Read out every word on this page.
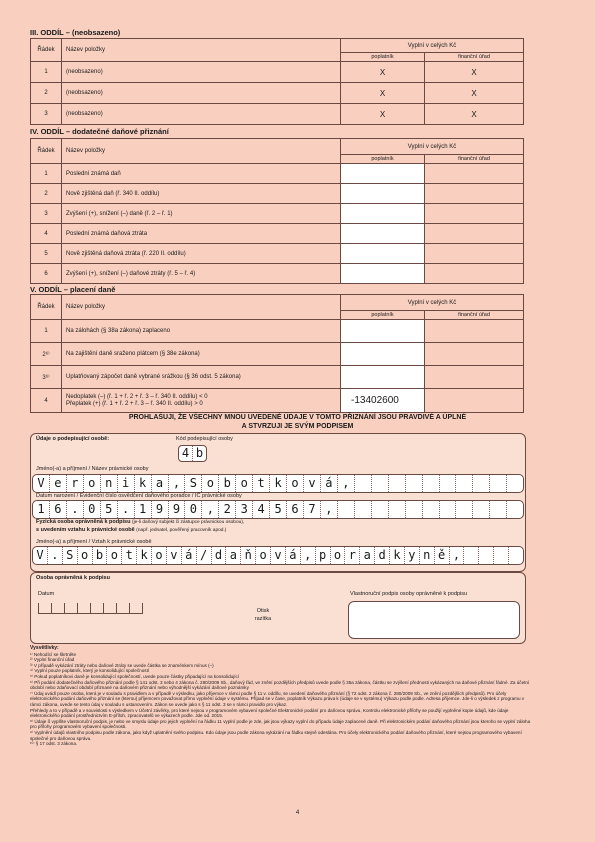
III. ODDÍL – (neobsazeno)
Řádek	Název položky	Vyplní v celých Kč	
		poplatník	finanční úřad
1	(neobsazeno)	X	X
2	(neobsazeno)	X	X
3	(neobsazeno)	X	X
IV. ODDÍL – dodatečné daňové přiznání
Řádek	Název položky	Vyplní v celých Kč	
		poplatník	finanční úřad
1	Poslední známá daň		
2	Nově zjištěná daň (ř. 340 II. oddílu)		
3	Zvýšení (+), snížení (–) daně (ř. 2 – ř. 1)		
4	Poslední známá daňová ztráta		
5	Nově zjištěná daňová ztráta (ř. 220 II. oddílu)		
6	Zvýšení (+), snížení (–) daňové ztráty (ř. 5 – ř. 4)		
V. ODDÍL – placení daně
Řádek	Název položky	Vyplní v celých Kč	
		poplatník	finanční úřad
1	Na zálohách (§ 38a zákona) zaplaceno		
2⁶⁾	Na zajištění daně sraženo plátcem (§ 38e zákona)		
3⁶⁾	Uplatňovaný zápočet daně vybrané srážkou (§ 36 odst. 5 zákona)		
4	Nedoplatek (–) (ř. 1 + ř. 2 + ř. 3 – ř. 340 II. oddílu) < 0
Přeplatek (+) (ř. 1 + ř. 2 + ř. 3 – ř. 340 II. oddílu) > 0	-13402600	
PROHLAŠUJI, ŽE VŠECHNY MNOU UVEDENÉ ÚDAJE V TOMTO PŘIZNÁNÍ JSOU PRAVDIVÉ A ÚPLNÉ
A STVRZUJI JE SVÝM PODPISEM
Údaje o podepisující osobě:	Kód podepisující osoby
4 b
Jméno(-a) a příjmení / Název právnické osoby
V e r o n i k a , S o b o t k o v á ,
Datum narození / Evidenční číslo osvědčení daňového poradce / IČ právnické osoby
1 6 . 0 5 . 1 9 9 0 , 2 3 4 5 6 7 ,
Fyzická osoba oprávněná k podpisu (je-li daňový subjekt či zástupce právnickou osobou),
s uvedením vztahu k právnické osobě (např. jednatel, pověřený pracovník apod.)
Jméno(-a) a příjmení / Vztah k právnické osobě
V . S o b o t k o v á / d a ň o v á , p o r a d k y n ě ,
Osoba oprávněná k podpisu
Datum
Otisk
razítka
Vlastnoruční podpis osoby oprávněné k podpisu
Vysvětlivky:
¹⁾ Nehodící se škrtněte
²⁾ Vyplní finanční úřad
³⁾ V případě vykázání ztráty nebo daňové ztráty se uvede částka se znaménkem mínus (–)
⁴⁾ Vyplní pouze poplatník, který je konsolidující společností
⁵⁾ Pokud poplatníkovi daně je konsolidující společností, uvede pouze částky připadající na konsolidující
⁶⁾ Při podání dodatečného daňového přiznání podle § 141 odst. 3 nebo 4 zákona č. 280/2009 Sb., daňový řád, ve znění pozdějších předpisů uvede podle § 35a zákona, částku se zvýšení přednosti vykázaných na daňové přiznání řádné. Za účetní období nebo zdaňovací období přiznané na daňovém přiznání nebo výhodnější vykázání daňové poznámky
⁷⁾ Údaj uvádí pouze osoba, která je v souladu s pravidlem a v případě v výsledku, jako příjemce v rámci podle § 11 v. oddílu, se uvedení daňového přiznání (§ 72 odst. 2 zákona č. 280/2009 Sb., ve znění pozdějších předpisů). Pro účely elektronického podání daňového přiznání se (kterou) příjemcem považovat přímo vyplnění údaje v systému. Případ se v čase, poplatník Výkazu práva k (údaje se v systému) Výkazu podle podle. Adresa příjemce. Jde-li o výsledek z programu v rámci zákona, uvede se tento údaj v souladu s ustanovením. Zákon se uvede jako s § 11 odst. 3 se v rámci pravidlo pro výkaz.
Přehledy a to v případě a v souvislosti s výsledkem v Účetní závěrky, pro které nejsou v programovém vybavení společné Elektronické podání pro daňovou správu, Kontrolu elektronické přílohy se použijí vyplněné kopie údajů, kde údaje elektronického podání prostřednictvím E-příloh, zpracovatelů ve výkazech podle. Jde od. 2015.
⁸⁾ Údaje ő vyplňte vlastnoruční podpis, je nebo ve smyslu údaje pro jejich vyplnění na řádku 11 vyplní podle je zde, jak jsou výkazy vyplní do případu údaje zaplacené daně. Při elektronickém podání daňového přiznání jsou kteroho se vyplní záloha pro přílohy programovém vybavení společnosti.
⁹⁾ Vyplnění údajů vlastního podpisu podle zákona, jako když uplatnění svého podpisu. Kdo údaje jsou podle zákona vykázání na řádku stejně odeslána. Pro účely elektronického podání daňového přiznání, které nejsou programového vybavení společné pro daňovou správu.
¹⁰⁾ § 17 odst. 3 zákona.
4
